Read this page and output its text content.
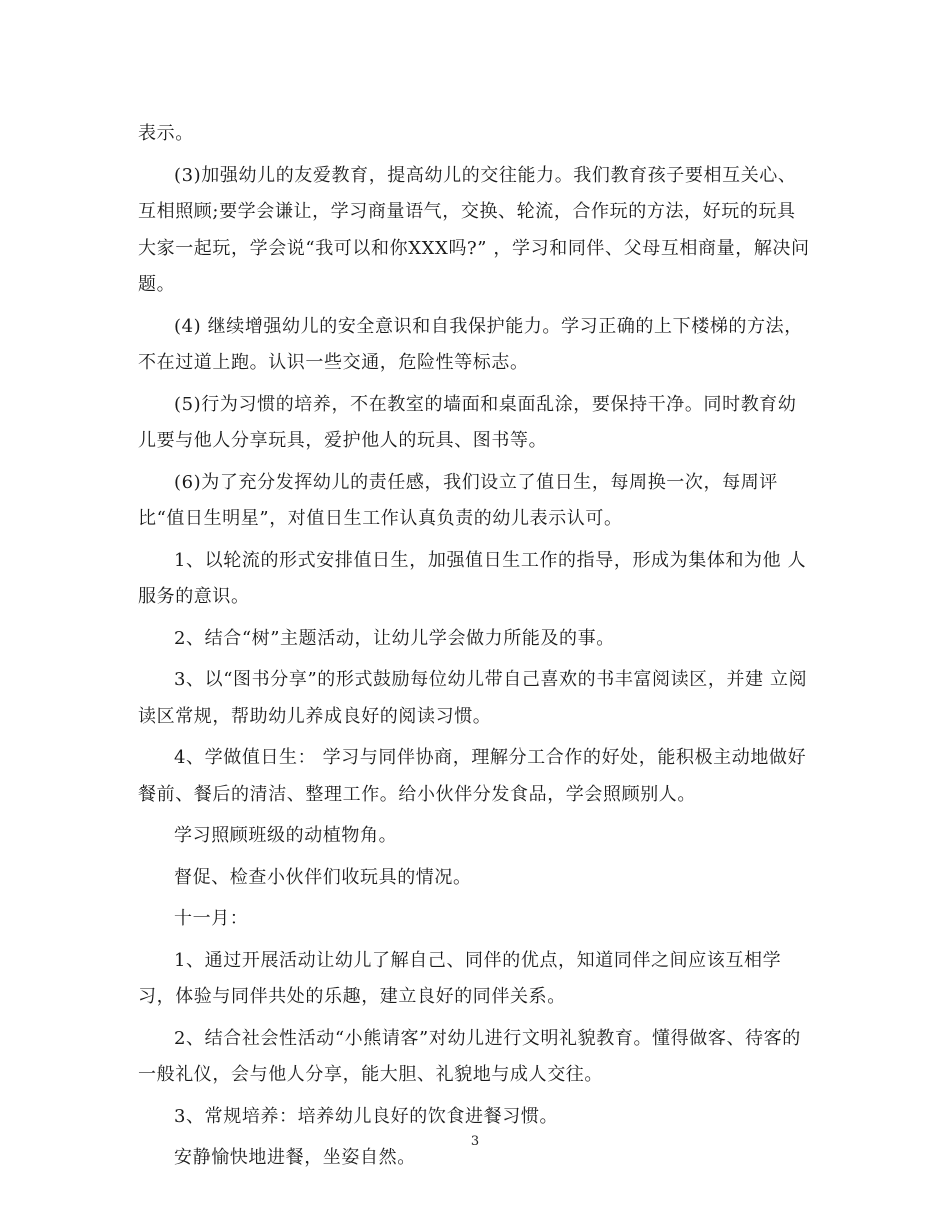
表示。

(3)加强幼儿的友爱教育，提高幼儿的交往能力。我们教育孩子要相互关心、互相照顾;要学会谦让，学习商量语气，交换、轮流，合作玩的方法，好玩的玩具大家一起玩，学会说“我可以和你XXX吗?” ，学习和同伴、父母互相商量，解决问题。

(4) 继续增强幼儿的安全意识和自我保护能力。学习正确的上下楼梯的方法，不在过道上跑。认识一些交通，危险性等标志。

(5)行为习惯的培养，不在教室的墙面和桌面乱涂，要保持干净。同时教育幼儿要与他人分享玩具，爱护他人的玩具、图书等。

(6)为了充分发挥幼儿的责任感，我们设立了值日生，每周换一次，每周评比“值日生明星”，对值日生工作认真负责的幼儿表示认可。

1、以轮流的形式安排值日生，加强值日生工作的指导，形成为集体和为他 人服务的意识。

2、结合“树”主题活动，让幼儿学会做力所能及的事。

3、以“图书分享”的形式鼓励每位幼儿带自己喜欢的书丰富阅读区，并建 立阅读区常规，帮助幼儿养成良好的阅读习惯。

4、学做值日生： 学习与同伴协商，理解分工合作的好处，能积极主动地做好餐前、餐后的清洁、整理工作。给小伙伴分发食品，学会照顾别人。

学习照顾班级的动植物角。

督促、检查小伙伴们收玩具的情况。

十一月：

1、通过开展活动让幼儿了解自己、同伴的优点，知道同伴之间应该互相学习，体验与同伴共处的乐趣，建立良好的同伴关系。

2、结合社会性活动“小熊请客”对幼儿进行文明礼貌教育。懂得做客、待客的一般礼仪，会与他人分享，能大胆、礼貌地与成人交往。

3、常规培养：培养幼儿良好的饮食进餐习惯。

安静愉快地进餐，坐姿自然。

3
